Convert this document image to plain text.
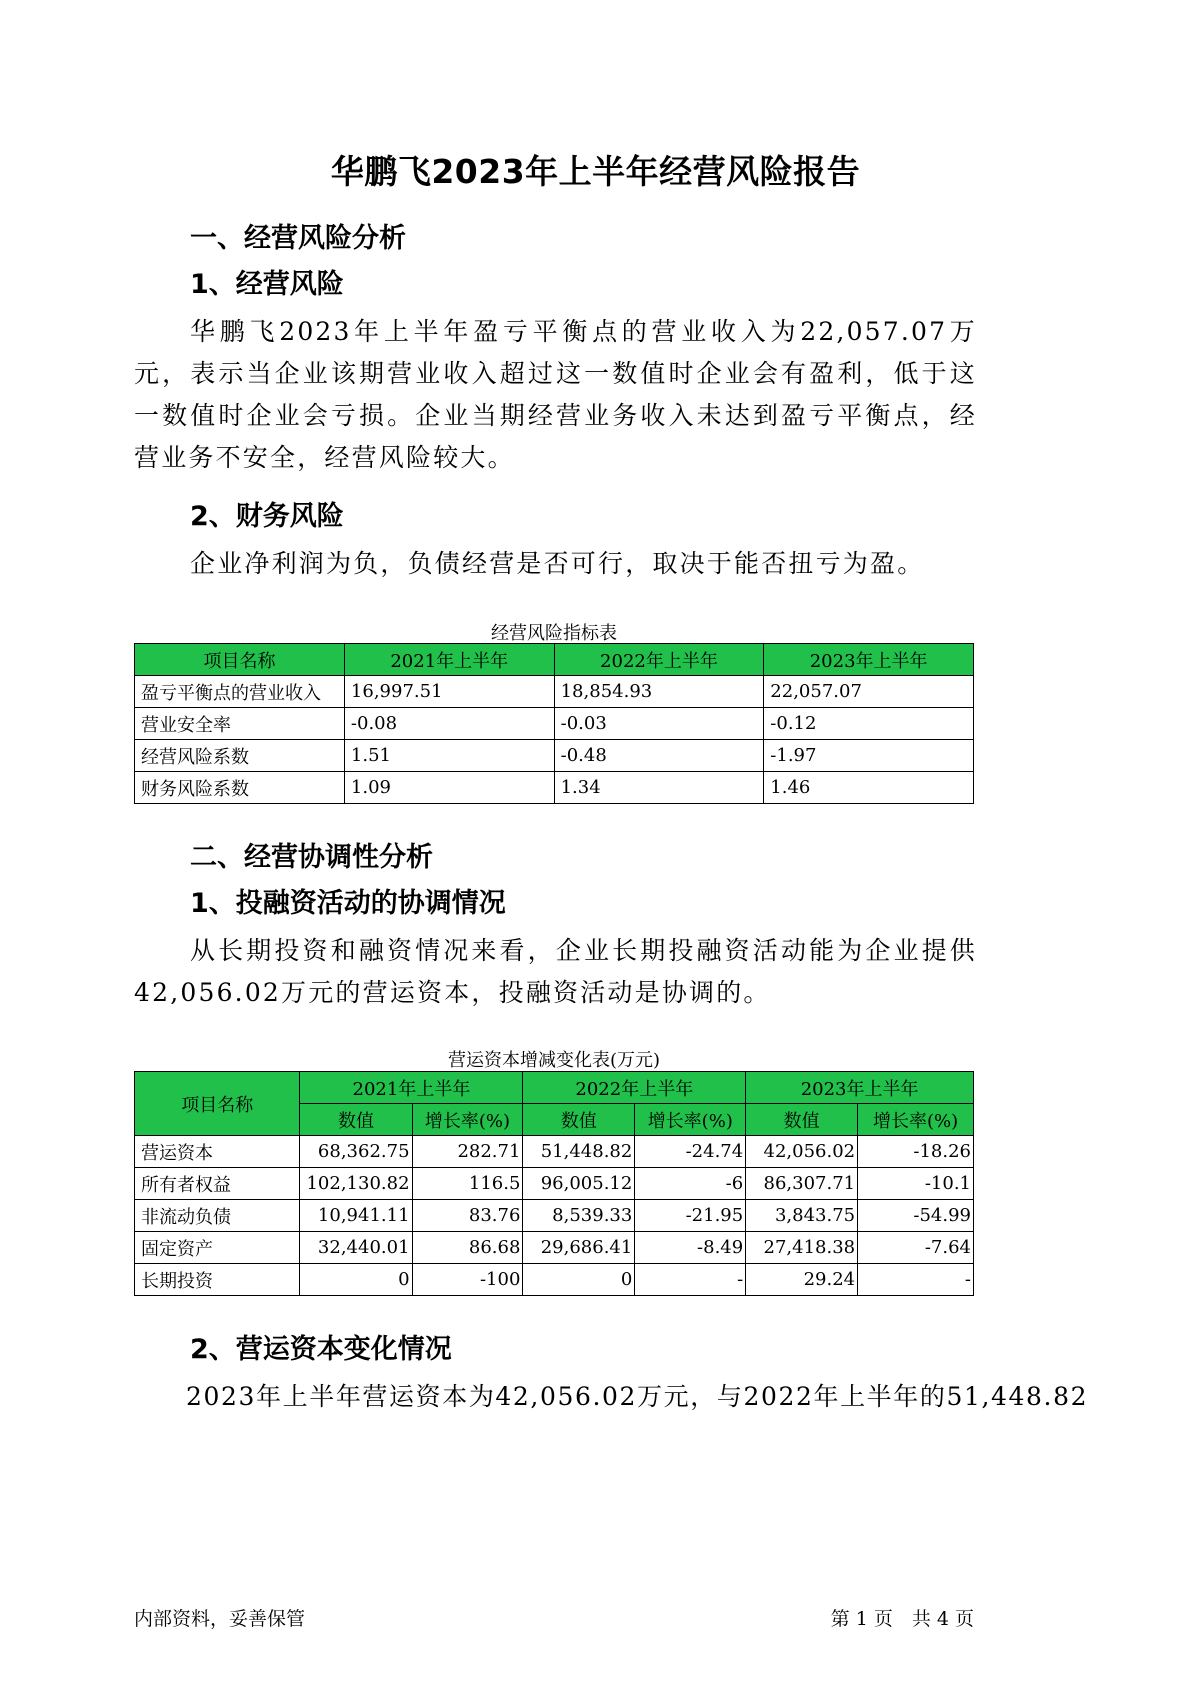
华鹏飞2023年上半年经营风险报告
一、经营风险分析
1、经营风险
华鹏飞2023年上半年盈亏平衡点的营业收入为22,057.07万元，表示当企业该期营业收入超过这一数值时企业会有盈利，低于这一数值时企业会亏损。企业当期经营业务收入未达到盈亏平衡点，经营业务不安全，经营风险较大。
2、财务风险
企业净利润为负，负债经营是否可行，取决于能否扭亏为盈。
经营风险指标表
项目名称	2021年上半年	2022年上半年	2023年上半年
盈亏平衡点的营业收入	16,997.51	18,854.93	22,057.07
营业安全率	-0.08	-0.03	-0.12
经营风险系数	1.51	-0.48	-1.97
财务风险系数	1.09	1.34	1.46
二、经营协调性分析
1、投融资活动的协调情况
从长期投资和融资情况来看，企业长期投融资活动能为企业提供42,056.02万元的营运资本，投融资活动是协调的。
营运资本增减变化表(万元)
项目名称	2021年上半年		2022年上半年		2023年上半年	
	数值	增长率(%)	数值	增长率(%)	数值	增长率(%)
营运资本	68,362.75	282.71	51,448.82	-24.74	42,056.02	-18.26
所有者权益	102,130.82	116.5	96,005.12	-6	86,307.71	-10.1
非流动负债	10,941.11	83.76	8,539.33	-21.95	3,843.75	-54.99
固定资产	32,440.01	86.68	29,686.41	-8.49	27,418.38	-7.64
长期投资	0	-100	0	-	29.24	-
2、营运资本变化情况
2023年上半年营运资本为42,056.02万元，与2022年上半年的51,448.82
内部资料，妥善保管	第 1 页　共 4 页
